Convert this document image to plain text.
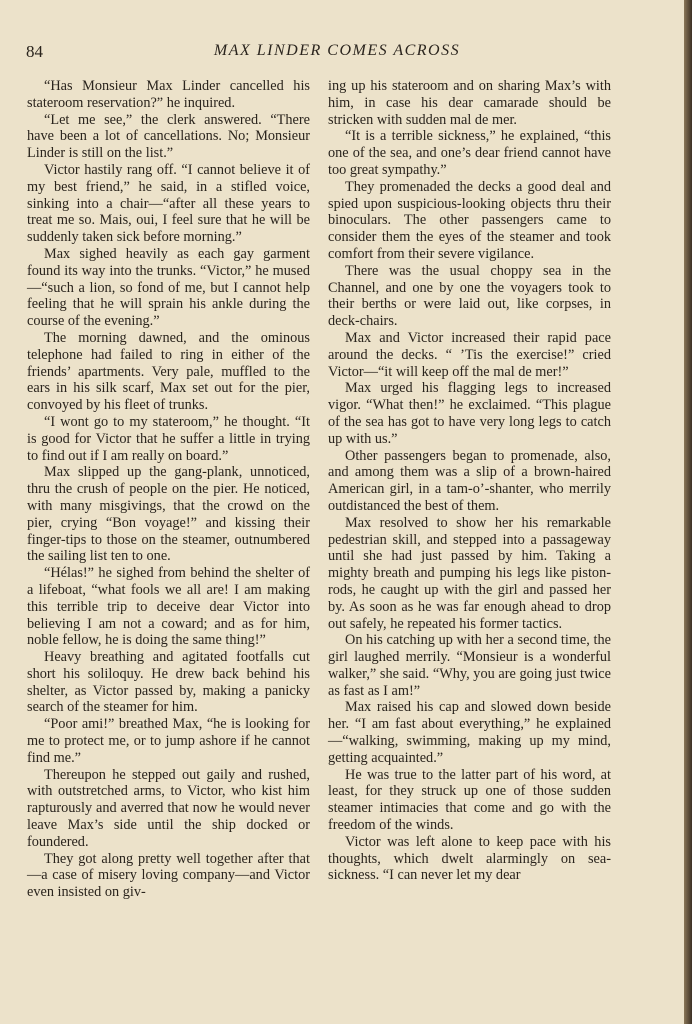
84	MAX LINDER COMES ACROSS

“Has Monsieur Max Linder cancelled his stateroom reservation?” he inquired.

“Let me see,” the clerk answered. “There have been a lot of cancellations. No; Monsieur Linder is still on the list.”

Victor hastily rang off. “I cannot believe it of my best friend,” he said, in a stifled voice, sinking into a chair—“after all these years to treat me so. Mais, oui, I feel sure that he will be suddenly taken sick before morning.”

Max sighed heavily as each gay garment found its way into the trunks. “Victor,” he mused—“such a lion, so fond of me, but I cannot help feeling that he will sprain his ankle during the course of the evening.”

The morning dawned, and the ominous telephone had failed to ring in either of the friends’ apartments. Very pale, muffled to the ears in his silk scarf, Max set out for the pier, convoyed by his fleet of trunks.

“I wont go to my stateroom,” he thought. “It is good for Victor that he suffer a little in trying to find out if I am really on board.”

Max slipped up the gang-plank, unnoticed, thru the crush of people on the pier. He noticed, with many misgivings, that the crowd on the pier, crying “Bon voyage!” and kissing their finger-tips to those on the steamer, outnumbered the sailing list ten to one.

“Hélas!” he sighed from behind the shelter of a lifeboat, “what fools we all are! I am making this terrible trip to deceive dear Victor into believing I am not a coward; and as for him, noble fellow, he is doing the same thing!”

Heavy breathing and agitated footfalls cut short his soliloquy. He drew back behind his shelter, as Victor passed by, making a panicky search of the steamer for him.

“Poor ami!” breathed Max, “he is looking for me to protect me, or to jump ashore if he cannot find me.”

Thereupon he stepped out gaily and rushed, with outstretched arms, to Victor, who kist him rapturously and averred that now he would never leave Max’s side until the ship docked or foundered.

They got along pretty well together after that—a case of misery loving company—and Victor even insisted on giv-

ing up his stateroom and on sharing Max’s with him, in case his dear camarade should be stricken with sudden mal de mer.

“It is a terrible sickness,” he explained, “this one of the sea, and one’s dear friend cannot have too great sympathy.”

They promenaded the decks a good deal and spied upon suspicious-looking objects thru their binoculars. The other passengers came to consider them the eyes of the steamer and took comfort from their severe vigilance.

There was the usual choppy sea in the Channel, and one by one the voyagers took to their berths or were laid out, like corpses, in deck-chairs.

Max and Victor increased their rapid pace around the decks. “ ’Tis the exercise!” cried Victor—“it will keep off the mal de mer!”

Max urged his flagging legs to increased vigor. “What then!” he exclaimed. “This plague of the sea has got to have very long legs to catch up with us.”

Other passengers began to promenade, also, and among them was a slip of a brown-haired American girl, in a tam-o’-shanter, who merrily outdistanced the best of them.

Max resolved to show her his remarkable pedestrian skill, and stepped into a passageway until she had just passed by him. Taking a mighty breath and pumping his legs like piston-rods, he caught up with the girl and passed her by. As soon as he was far enough ahead to drop out safely, he repeated his former tactics.

On his catching up with her a second time, the girl laughed merrily. “Monsieur is a wonderful walker,” she said. “Why, you are going just twice as fast as I am!”

Max raised his cap and slowed down beside her. “I am fast about everything,” he explained—“walking, swimming, making up my mind, getting acquainted.”

He was true to the latter part of his word, at least, for they struck up one of those sudden steamer intimacies that come and go with the freedom of the winds.

Victor was left alone to keep pace with his thoughts, which dwelt alarmingly on sea-sickness. “I can never let my dear
